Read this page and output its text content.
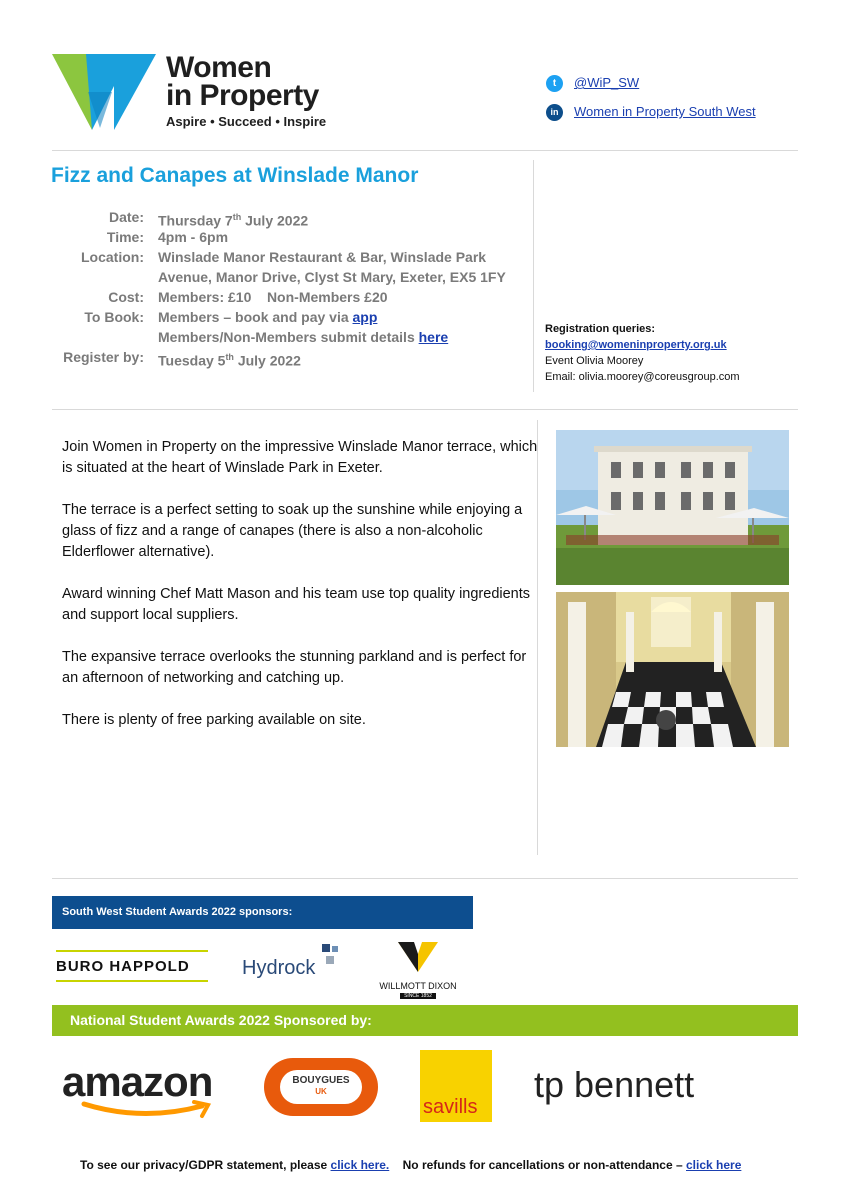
Women
in Property
Aspire • Succeed • Inspire
t	@WiP_SW
in	Women in Property South West
Fizz and Canapes at Winslade Manor
Date: Thursday 7th July 2022
Time: 4pm - 6pm
Location: Winslade Manor Restaurant & Bar, Winslade Park
Avenue, Manor Drive, Clyst St Mary, Exeter, EX5 1FY
Cost: Members: £10    Non-Members £20
To Book: Members – book and pay via app
Members/Non-Members submit details here
Register by: Tuesday 5th July 2022
Registration queries:
booking@womeninproperty.org.uk
Event Olivia Moorey
Email: olivia.moorey@coreusgroup.com

Join Women in Property on the impressive Winslade Manor terrace, which is situated at the heart of Winslade Park in Exeter.

The terrace is a perfect setting to soak up the sunshine while enjoying a glass of fizz and a range of canapes (there is also a non-alcoholic Elderflower alternative).

Award winning Chef Matt Mason and his team use top quality ingredients and support local suppliers.

The expansive terrace overlooks the stunning parkland and is perfect for an afternoon of networking and catching up.

There is plenty of free parking available on site.

South West Student Awards 2022 sponsors:
BURO HAPPOLD	Hydrock
WILLMOTT DIXON
SINCE 1852
National Student Awards 2022 Sponsored by:
amazon	BOUYGUES
UK
savills
tp bennett
To see our privacy/GDPR statement, please click here. No refunds for cancellations or non-attendance – click here
